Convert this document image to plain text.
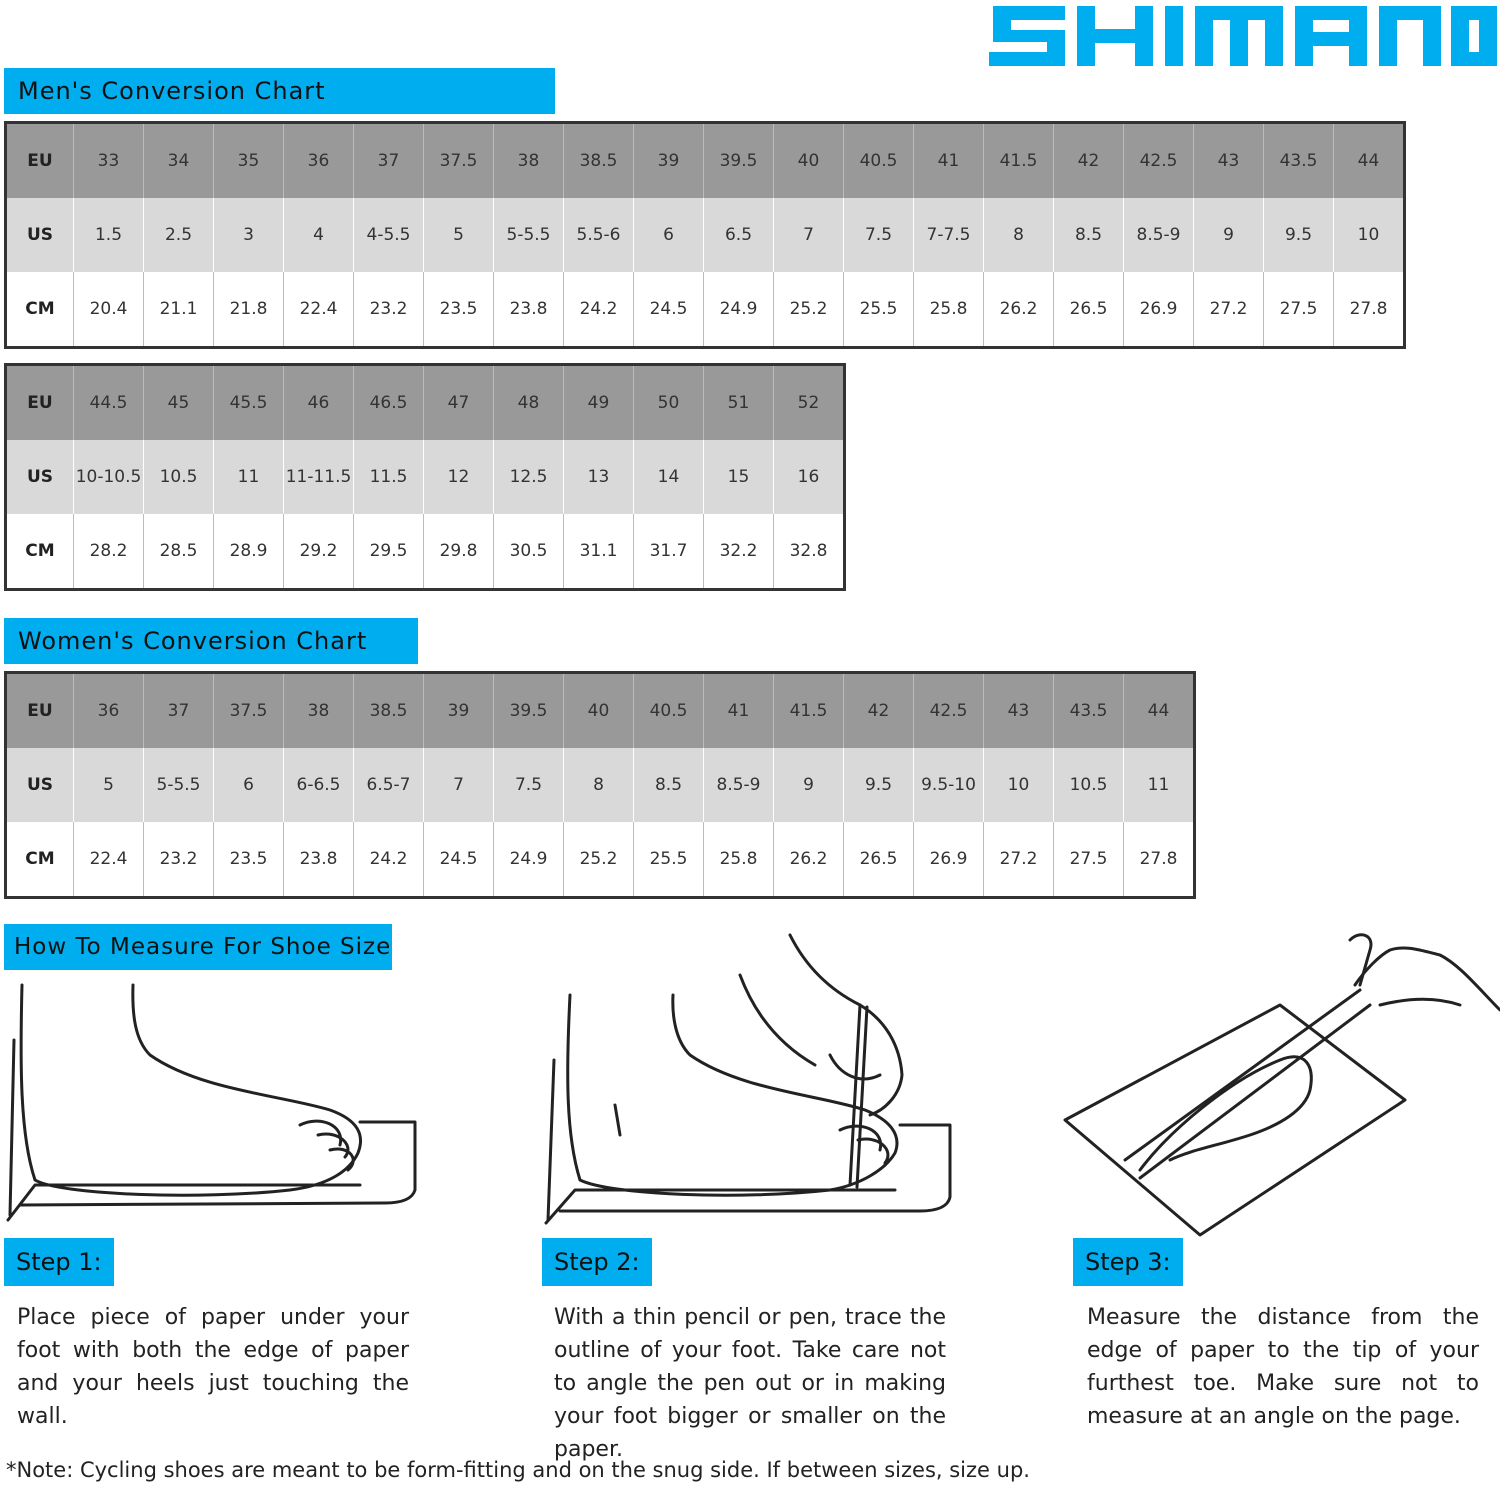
Men's Conversion Chart
EU	33	34	35	36	37	37.5	38	38.5	39	39.5	40	40.5	41	41.5	42	42.5	43	43.5	44
US	1.5	2.5	3	4	4-5.5	5	5-5.5	5.5-6	6	6.5	7	7.5	7-7.5	8	8.5	8.5-9	9	9.5	10
CM	20.4	21.1	21.8	22.4	23.2	23.5	23.8	24.2	24.5	24.9	25.2	25.5	25.8	26.2	26.5	26.9	27.2	27.5	27.8
EU	44.5	45	45.5	46	46.5	47	48	49	50	51	52
US	10-10.5	10.5	11	11-11.5	11.5	12	12.5	13	14	15	16
CM	28.2	28.5	28.9	29.2	29.5	29.8	30.5	31.1	31.7	32.2	32.8
Women's Conversion Chart
EU	36	37	37.5	38	38.5	39	39.5	40	40.5	41	41.5	42	42.5	43	43.5	44
US	5	5-5.5	6	6-6.5	6.5-7	7	7.5	8	8.5	8.5-9	9	9.5	9.5-10	10	10.5	11
CM	22.4	23.2	23.5	23.8	24.2	24.5	24.9	25.2	25.5	25.8	26.2	26.5	26.9	27.2	27.5	27.8
How To Measure For Shoe Size
Step 1:
Place piece of paper under your foot with both the edge of paper and your heels just touching the wall.
Step 2:
With a thin pencil or pen, trace the outline of your foot. Take care not to angle the pen out or in making your foot bigger or smaller on the paper.
Step 3:
Measure the distance from the edge of paper to the tip of your furthest toe. Make sure not to measure at an angle on the page.
*Note: Cycling shoes are meant to be form-fitting and on the snug side. If between sizes, size up.
